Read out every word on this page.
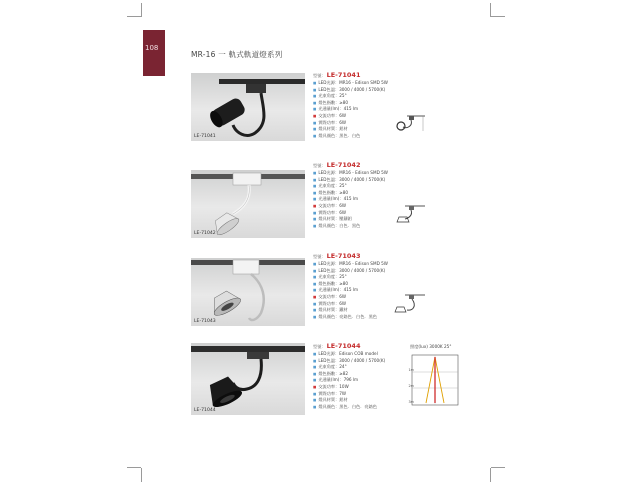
108
MR-16 一 軌式軌道燈系列
LE-71041
型號：LE-71041
■ LED光源：MR16 - Edison SMD 5W
■ LED色溫：3000 / 4000 / 5700(K)
■ 光束角度：25°
■ 燈色指數：≥80
■ 光通量(lm)：415 lm
■ 交流功率：6W
■ 實際功率：6W
■ 燈具材質：鋁材
■ 燈具顏色：黑色．白色
LE-71042
型號：LE-71042
■ LED光源：MR16 - Edison SMD 5W
■ LED色溫：3000 / 4000 / 5700(K)
■ 光束角度：25°
■ 燈色指數：≥80
■ 光通量(lm)：415 lm
■ 交流功率：6W
■ 實際功率：6W
■ 燈具材質：壓鑄鋁
■ 燈具顏色：白色．黑色
LE-71043
型號：LE-71043
■ LED光源：MR16 - Edison SMD 5W
■ LED色溫：3000 / 4000 / 5700(K)
■ 光束角度：25°
■ 燈色指數：≥80
■ 光通量(lm)：415 lm
■ 交流功率：6W
■ 實際功率：6W
■ 燈具材質：鐵材
■ 燈具顏色：亮鉻色．白色．黑色
LE-71044
型號：LE-71044
■ LED光源：Edison COB model
■ LED色溫：3000 / 4000 / 5700(K)
■ 光束角度：24°
■ 燈色指數：≥82
■ 光通量(lm)：796 lm
■ 交流功率：10W
■ 實際功率：7W
■ 燈具材質：鋁材
■ 燈具顏色：黑色．白色．亮鉻色
照度(lux) 3000K 25°
1m
2m
3m
